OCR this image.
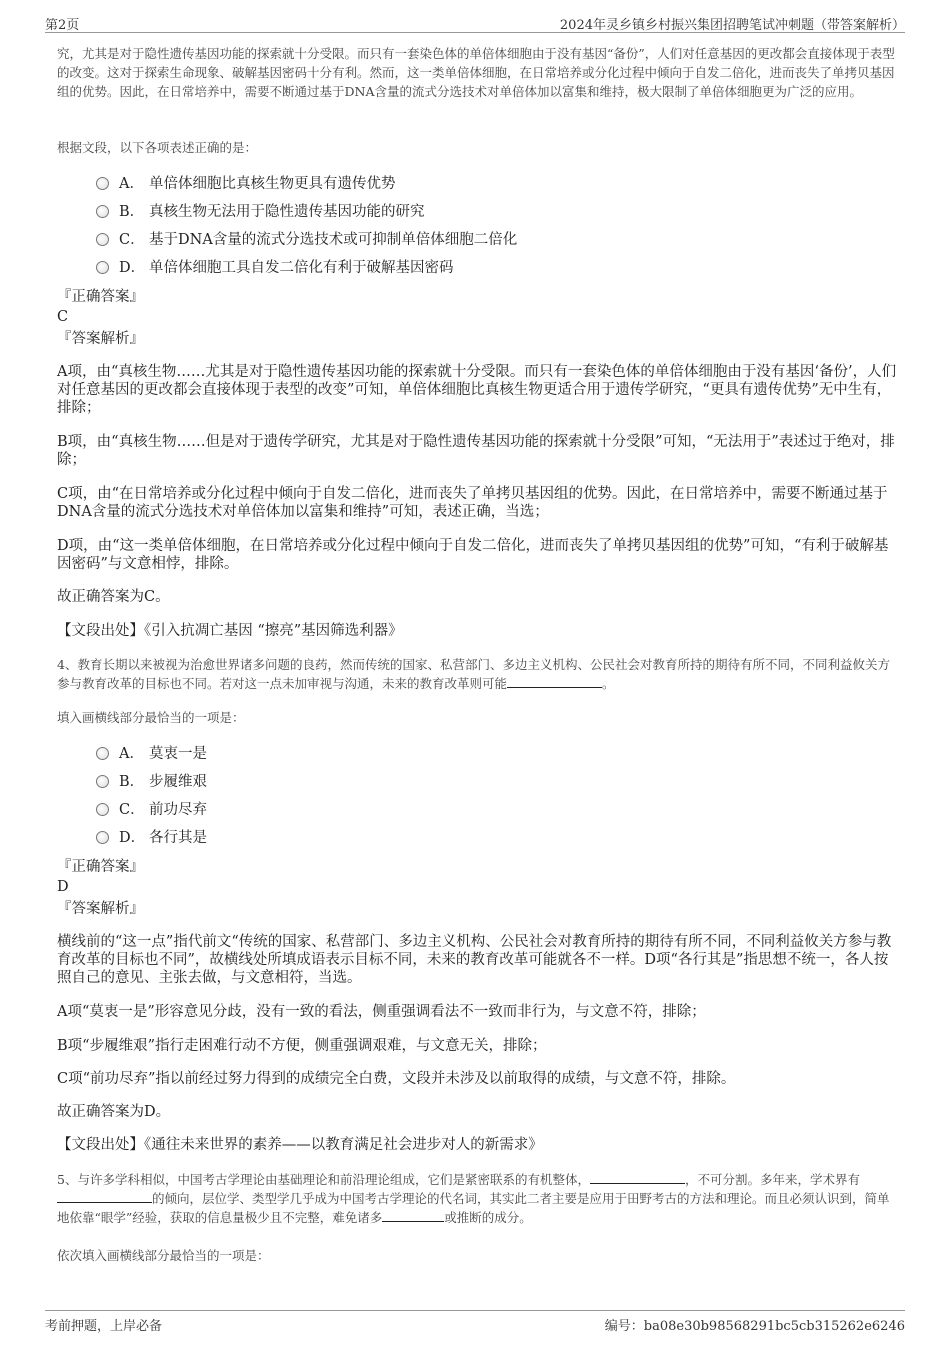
第2页	2024年灵乡镇乡村振兴集团招聘笔试冲刺题（带答案解析）
究，尤其是对于隐性遗传基因功能的探索就十分受限。而只有一套染色体的单倍体细胞由于没有基因“备份”，人们对任意基因的更改都会直接体现于表型的改变。这对于探索生命现象、破解基因密码十分有利。然而，这一类单倍体细胞，在日常培养或分化过程中倾向于自发二倍化，进而丧失了单拷贝基因组的优势。因此，在日常培养中，需要不断通过基于DNA含量的流式分选技术对单倍体加以富集和维持，极大限制了单倍体细胞更为广泛的应用。
根据文段，以下各项表述正确的是：
A． 单倍体细胞比真核生物更具有遗传优势
B． 真核生物无法用于隐性遗传基因功能的研究
C． 基于DNA含量的流式分选技术或可抑制单倍体细胞二倍化
D． 单倍体细胞工具自发二倍化有利于破解基因密码
『正确答案』
C
『答案解析』
A项，由“真核生物……尤其是对于隐性遗传基因功能的探索就十分受限。而只有一套染色体的单倍体细胞由于没有基因‘备份’，人们对任意基因的更改都会直接体现于表型的改变”可知，单倍体细胞比真核生物更适合用于遗传学研究，“更具有遗传优势”无中生有，排除；
B项，由“真核生物……但是对于遗传学研究，尤其是对于隐性遗传基因功能的探索就十分受限”可知，“无法用于”表述过于绝对，排除；
C项，由“在日常培养或分化过程中倾向于自发二倍化，进而丧失了单拷贝基因组的优势。因此，在日常培养中，需要不断通过基于DNA含量的流式分选技术对单倍体加以富集和维持”可知，表述正确，当选；
D项，由“这一类单倍体细胞，在日常培养或分化过程中倾向于自发二倍化，进而丧失了单拷贝基因组的优势”可知，“有利于破解基因密码”与文意相悖，排除。
故正确答案为C。
【文段出处】《引入抗凋亡基因 “擦亮”基因筛选利器》
4、教育长期以来被视为治愈世界诸多问题的良药，然而传统的国家、私营部门、多边主义机构、公民社会对教育所持的期待有所不同，不同利益攸关方参与教育改革的目标也不同。若对这一点未加审视与沟通，未来的教育改革则可能	。
填入画横线部分最恰当的一项是：
A． 莫衷一是
B． 步履维艰
C． 前功尽弃
D． 各行其是
『正确答案』
D
『答案解析』
横线前的“这一点”指代前文“传统的国家、私营部门、多边主义机构、公民社会对教育所持的期待有所不同，不同利益攸关方参与教育改革的目标也不同”，故横线处所填成语表示目标不同，未来的教育改革可能就各不一样。D项“各行其是”指思想不统一，各人按照自己的意见、主张去做，与文意相符，当选。
A项“莫衷一是”形容意见分歧，没有一致的看法，侧重强调看法不一致而非行为，与文意不符，排除；
B项“步履维艰”指行走困难行动不方便，侧重强调艰难，与文意无关，排除；
C项“前功尽弃”指以前经过努力得到的成绩完全白费，文段并未涉及以前取得的成绩，与文意不符，排除。
故正确答案为D。
【文段出处】《通往未来世界的素养——以教育满足社会进步对人的新需求》
5、与许多学科相似，中国考古学理论由基础理论和前沿理论组成，它们是紧密联系的有机整体，	，不可分割。多年来，学术界有的倾向，层位学、类型学几乎成为中国考古学理论的代名词，其实此二者主要是应用于田野考古的方法和理论。而且必须认识到，简单地依靠“眼学”经验，获取的信息量极少且不完整，难免诸多	或推断的成分。
依次填入画横线部分最恰当的一项是：
考前押题，上岸必备	编号：ba08e30b98568291bc5cb315262e6246
